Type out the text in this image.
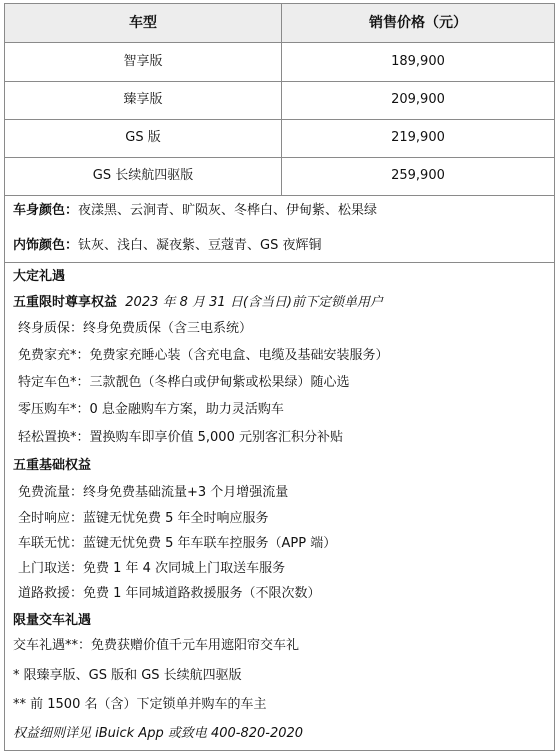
车型	销售价格（元）
智享版	189,900
臻享版	209,900
GS 版	219,900
GS 长续航四驱版	259,900
车身颜色：夜漾黑、云涧青、旷陨灰、冬桦白、伊甸紫、松果绿
内饰颜色：钛灰、浅白、凝夜紫、豆蔻青、GS 夜辉铜
大定礼遇
五重限时尊享权益 2023 年 8 月 31 日(含当日)前下定锁单用户
终身质保：终身免费质保（含三电系统）
免费家充*：免费家充睡心装（含充电盒、电缆及基础安装服务）
特定车色*：三款靓色（冬桦白或伊甸紫或松果绿）随心选
零压购车*：0 息金融购车方案，助力灵活购车
轻松置换*：置换购车即享价值 5,000 元别客汇积分补贴
五重基础权益
免费流量：终身免费基础流量+3 个月增强流量
全时响应：蓝键无忧免费 5 年全时响应服务
车联无忧：蓝键无忧免费 5 年车联车控服务（APP 端）
上门取送：免费 1 年 4 次同城上门取送车服务
道路救援：免费 1 年同城道路救援服务（不限次数）
限量交车礼遇
交车礼遇**：免费获赠价值千元车用遮阳帘交车礼
* 限臻享版、GS 版和 GS 长续航四驱版
** 前 1500 名（含）下定锁单并购车的车主
权益细则详见 iBuick App 或致电 400-820-2020
